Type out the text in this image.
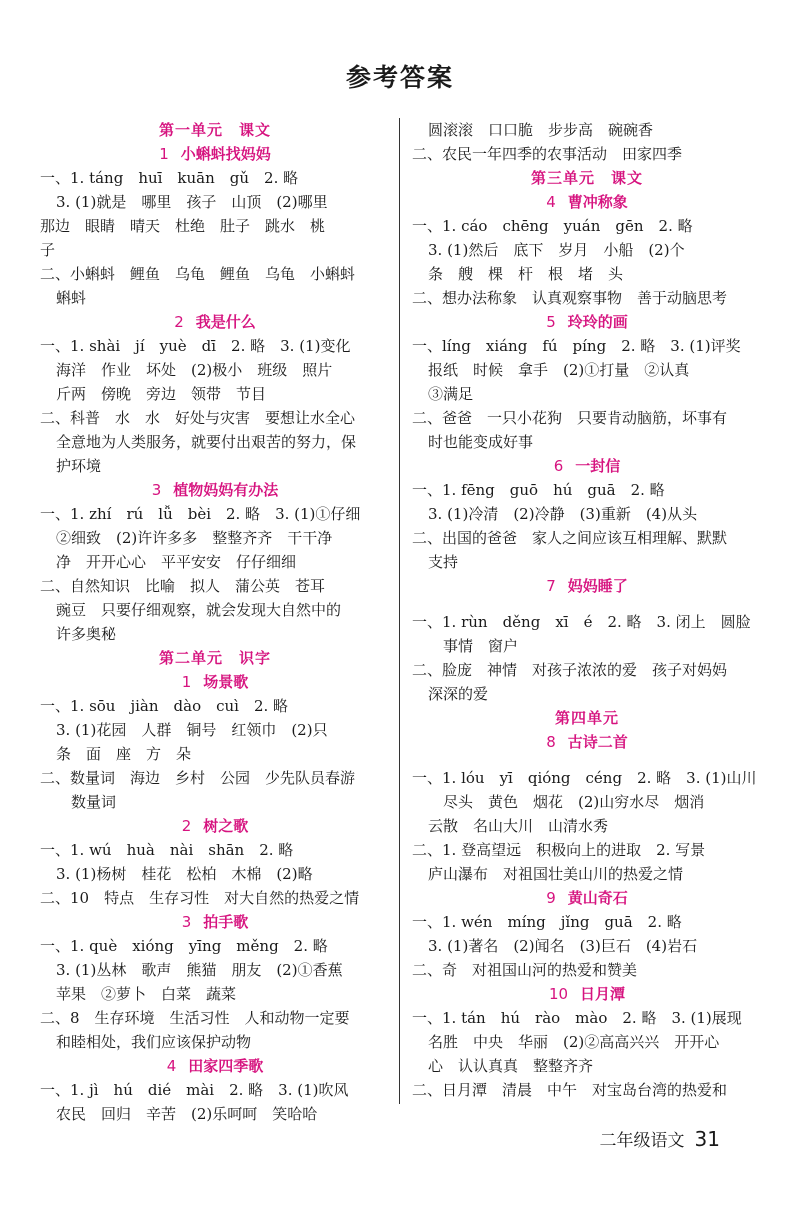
参考答案
第一单元　课文
1 小蝌蚪找妈妈
一、1. táng　huī　kuān　gǔ　2. 略
3. (1)就是　哪里　孩子　山顶　(2)哪里
那边　眼睛　晴天　杜绝　肚子　跳水　桃
子
二、小蝌蚪　鲤鱼　乌龟　鲤鱼　乌龟　小蝌蚪
蝌蚪
2 我是什么
一、1. shài　jí　yuè　dī　2. 略　3. (1)变化
海洋　作业　坏处　(2)极小　班级　照片
斤两　傍晚　旁边　领带　节目
二、科普　水　水　好处与灾害　要想让水全心
全意地为人类服务，就要付出艰苦的努力，保
护环境
3 植物妈妈有办法
一、1. zhí　rú　lǚ　bèi　2. 略　3. (1)①仔细
②细致　(2)许许多多　整整齐齐　干干净
净　开开心心　平平安安　仔仔细细
二、自然知识　比喻　拟人　蒲公英　苍耳
豌豆　只要仔细观察，就会发现大自然中的
许多奥秘
第二单元　识字
1 场景歌
一、1. sōu　jiàn　dào　cuì　2. 略
3. (1)花园　人群　铜号　红领巾　(2)只
条　面　座　方　朵
二、数量词　海边　乡村　公园　少先队员春游
　数量词
2 树之歌
一、1. wú　huà　nài　shān　2. 略
3. (1)杨树　桂花　松柏　木棉　(2)略
二、10　特点　生存习性　对大自然的热爱之情
3 拍手歌
一、1. què　xióng　yīng　měng　2. 略
3. (1)丛林　歌声　熊猫　朋友　(2)①香蕉
苹果　②萝卜　白菜　蔬菜
二、8　生存环境　生活习性　人和动物一定要
和睦相处，我们应该保护动物
4 田家四季歌
一、1. jì　hú　dié　mài　2. 略　3. (1)吹风
农民　回归　辛苦　(2)乐呵呵　笑哈哈
圆滚滚　口口脆　步步高　碗碗香
二、农民一年四季的农事活动　田家四季
第三单元　课文
4 曹冲称象
一、1. cáo　chēng　yuán　gēn　2. 略
3. (1)然后　底下　岁月　小船　(2)个
条　艘　棵　杆　根　堵　头
二、想办法称象　认真观察事物　善于动脑思考
5 玲玲的画
一、líng　xiáng　fú　píng　2. 略　3. (1)评奖
报纸　时候　拿手　(2)①打量　②认真
③满足
二、爸爸　一只小花狗　只要肯动脑筋，坏事有
时也能变成好事
6 一封信
一、1. fēng　guō　hú　guā　2. 略
3. (1)冷清　(2)冷静　(3)重新　(4)从头
二、出国的爸爸　家人之间应该互相理解、默默
支持
7 妈妈睡了
一、1. rùn　děng　xī　é　2. 略　3. 闭上　圆脸
　事情　窗户
二、脸庞　神情　对孩子浓浓的爱　孩子对妈妈
深深的爱
第四单元
8 古诗二首
一、1. lóu　yī　qióng　céng　2. 略　3. (1)山川
　尽头　黄色　烟花　(2)山穷水尽　烟消
云散　名山大川　山清水秀
二、1. 登高望远　积极向上的进取　2. 写景
庐山瀑布　对祖国壮美山川的热爱之情
9 黄山奇石
一、1. wén　míng　jǐng　guā　2. 略
3. (1)著名　(2)闻名　(3)巨石　(4)岩石
二、奇　对祖国山河的热爱和赞美
10 日月潭
一、1. tán　hú　rào　mào　2. 略　3. (1)展现
名胜　中央　华丽　(2)②高高兴兴　开开心
心　认认真真　整整齐齐
二、日月潭　清晨　中午　对宝岛台湾的热爱和
二年级语文 31
